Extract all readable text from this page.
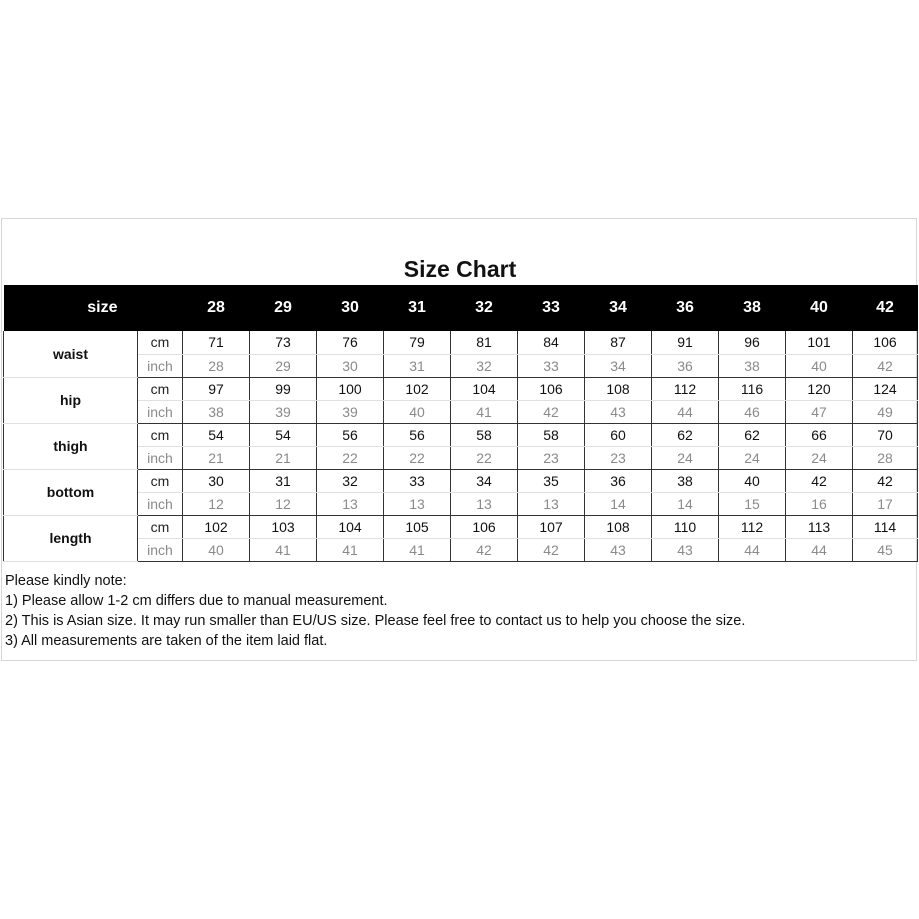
Size Chart
size		28	29	30	31	32	33	34	36	38	40	42
waist	cm	71	73	76	79	81	84	87	91	96	101	106
	inch	28	29	30	31	32	33	34	36	38	40	42
hip	cm	97	99	100	102	104	106	108	112	116	120	124
	inch	38	39	39	40	41	42	43	44	46	47	49
thigh	cm	54	54	56	56	58	58	60	62	62	66	70
	inch	21	21	22	22	22	23	23	24	24	24	28
bottom	cm	30	31	32	33	34	35	36	38	40	42	42
	inch	12	12	13	13	13	13	14	14	15	16	17
length	cm	102	103	104	105	106	107	108	110	112	113	114
	inch	40	41	41	41	42	42	43	43	44	44	45
Please kindly note:
1) Please allow 1-2 cm differs due to manual measurement.
2) This is Asian size. It may run smaller than EU/US size. Please feel free to contact us to help you choose the size.
3) All measurements are taken of the item laid flat.
